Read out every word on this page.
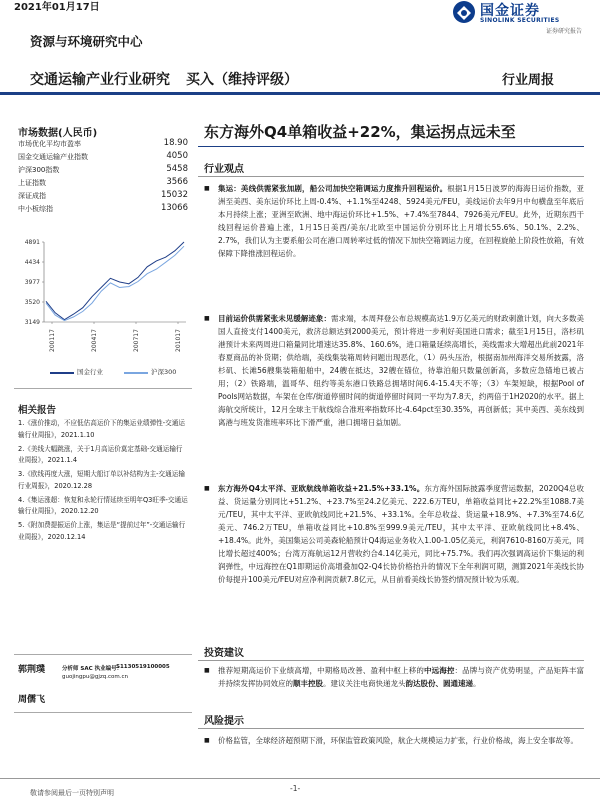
2021年01月17日	国金证券
SINOLINK SECURITIES
证券研究报告
资源与环境研究中心
交通运输产业行业研究 买入（维持评级）	行业周报
市场数据(人民币)
市场优化平均市盈率	18.90
国金交通运输产业指数	4050
沪深300指数	5458
上证指数	3566
深证成指	15032
中小板综指	13066
4891
4434
3977
3520
3149
200117	200417	200717	201017
国金行业	沪深300
相关报告
1.《涨价推动，不应低估高运价下的集运业绩弹性-交通运输行业周报》，2021.1.10
2.《美线大幅跳涨，关于1月高运价莫定基础-交通运输行业周报》，2021.1.4
3.《欧线再度大涨，短期大船订单以补结构为主-交通运输行业周报》，2020.12.28
4.《集运涨超：恢复和永轮行情延续至明年Q3旺季-交通运输行业周报》，2020.12.20
5.《附加费提振运价上涨，集运是“提前过年”-交通运输行业周报》，2020.12.14
郭荆璞	分析师 SAC 执业编号：
S1130519100005
guojingpu@gjzq.com.cn
周儒飞
东方海外Q4单箱收益+22%，集运拐点远未至
行业观点
■ 集运：美线供需紧张加剧，船公司加快空箱调运力度推升回程运价。根据1月15日波罗的海海日运价指数，亚洲至美西、美东运价环比上周-0.4%、+1.1%至4248、5924美元/FEU，美线运价去年9月中旬横盘至年底后本月持续上涨；亚洲至欧洲、地中海运价环比+1.5%、+7.4%至7844、7926美元/FEU。此外，近期东西干线回程运价普遍上涨，1月15日美西/美东/北欧至中国运价分别环比上月增长55.6%、50.1%、2.2%、2.7%，我们认为主要系船公司在港口周转率过低的情况下加快空箱调运力度，在回程旋舱上阶段性放箱，有效保障下降推涨回程运价。
■ 目前运价供需紧张未见缓解迹象：需求端，本周拜登公布总规模高达1.9万亿美元的财政刺激计划，向大多数美国人直接支付1400美元，救济总额达到2000美元，预计将进一步利好美国进口需求；截至1月15日，洛杉矶港预计未来两周进口箱量同比增速达35.8%、160.6%，进口箱量延续高增长，美线需求大增超出此前2021年春夏商品的补货期；供给端，美线集装箱周转问题出现恶化，（1）码头压治，根据南加州海洋交易所披露，洛杉矶、长滩56艘集装箱船舶中，24艘在抵达，32艘在锚位，待靠泊船只数量创新高，多数应急锚地已被占用；（2）铁路端，温哥华、纽约等美东港口铁路总拥堵时间6.4-15.4天不等；（3）车架短缺，根据Pool of Pools网站数据，车架在仓库/街道停留时间的街道停留时间同一平均为7.8天，约两倍于1H2020的水平。据上海航交所统计，12月全球主干航线综合准班率指数环比-4.64pct至30.35%，再创新低；其中美西、美东线到离港与班发货准班率环比下滑严重，港口拥堵日益加剧。
■ 东方海外Q4太平洋、亚欧航线单箱收益+21.5%+33.1%。东方海外国际披露季度营运数据，2020Q4总收益、货运量分别同比+51.2%、+23.7%至24.2亿美元、222.6万TEU，单箱收益同比+22.2%至1088.7美元/TEU，其中太平洋、亚欧航线同比+21.5%、+33.1%。全年总收益、货运量+18.9%、+7.3%至74.6亿美元、746.2万TEU，单箱收益同比+10.8%至999.9美元/TEU，其中太平洋、亚欧航线同比+8.4%、+18.4%。此外，美国集运公司美森轮船预计Q4海运业务收入1.00-1.05亿美元，利润7610-8160万美元，同比增长超过400%；台湾万海航运12月营收约合4.14亿美元，同比+75.7%。我们再次强调高运价下集运的利润弹性，中远海控在Q1即期运价高增叠加Q2-Q4长协价格抬升的情况下全年利润可期，测算2021年美线长协价每提升100美元/FEU对应净利润贡献7.8亿元，从目前看美线长协签约情况预计较为乐观。
投资建议
■ 推荐短期高运价下业绩高增，中期格局改善、盈利中枢上移的中远海控：品牌与资产优势明显，产品矩阵丰富并持续发挥协同效应的顺丰控股。建议关注电商快递龙头韵达股份、圆通速递。
风险提示
■ 价格监管，全球经济超预期下滑，环保监管政策风险，航企大规模运力扩张，行业价格战，海上安全事故等。
敬请参阅最后一页特别声明	-1-
